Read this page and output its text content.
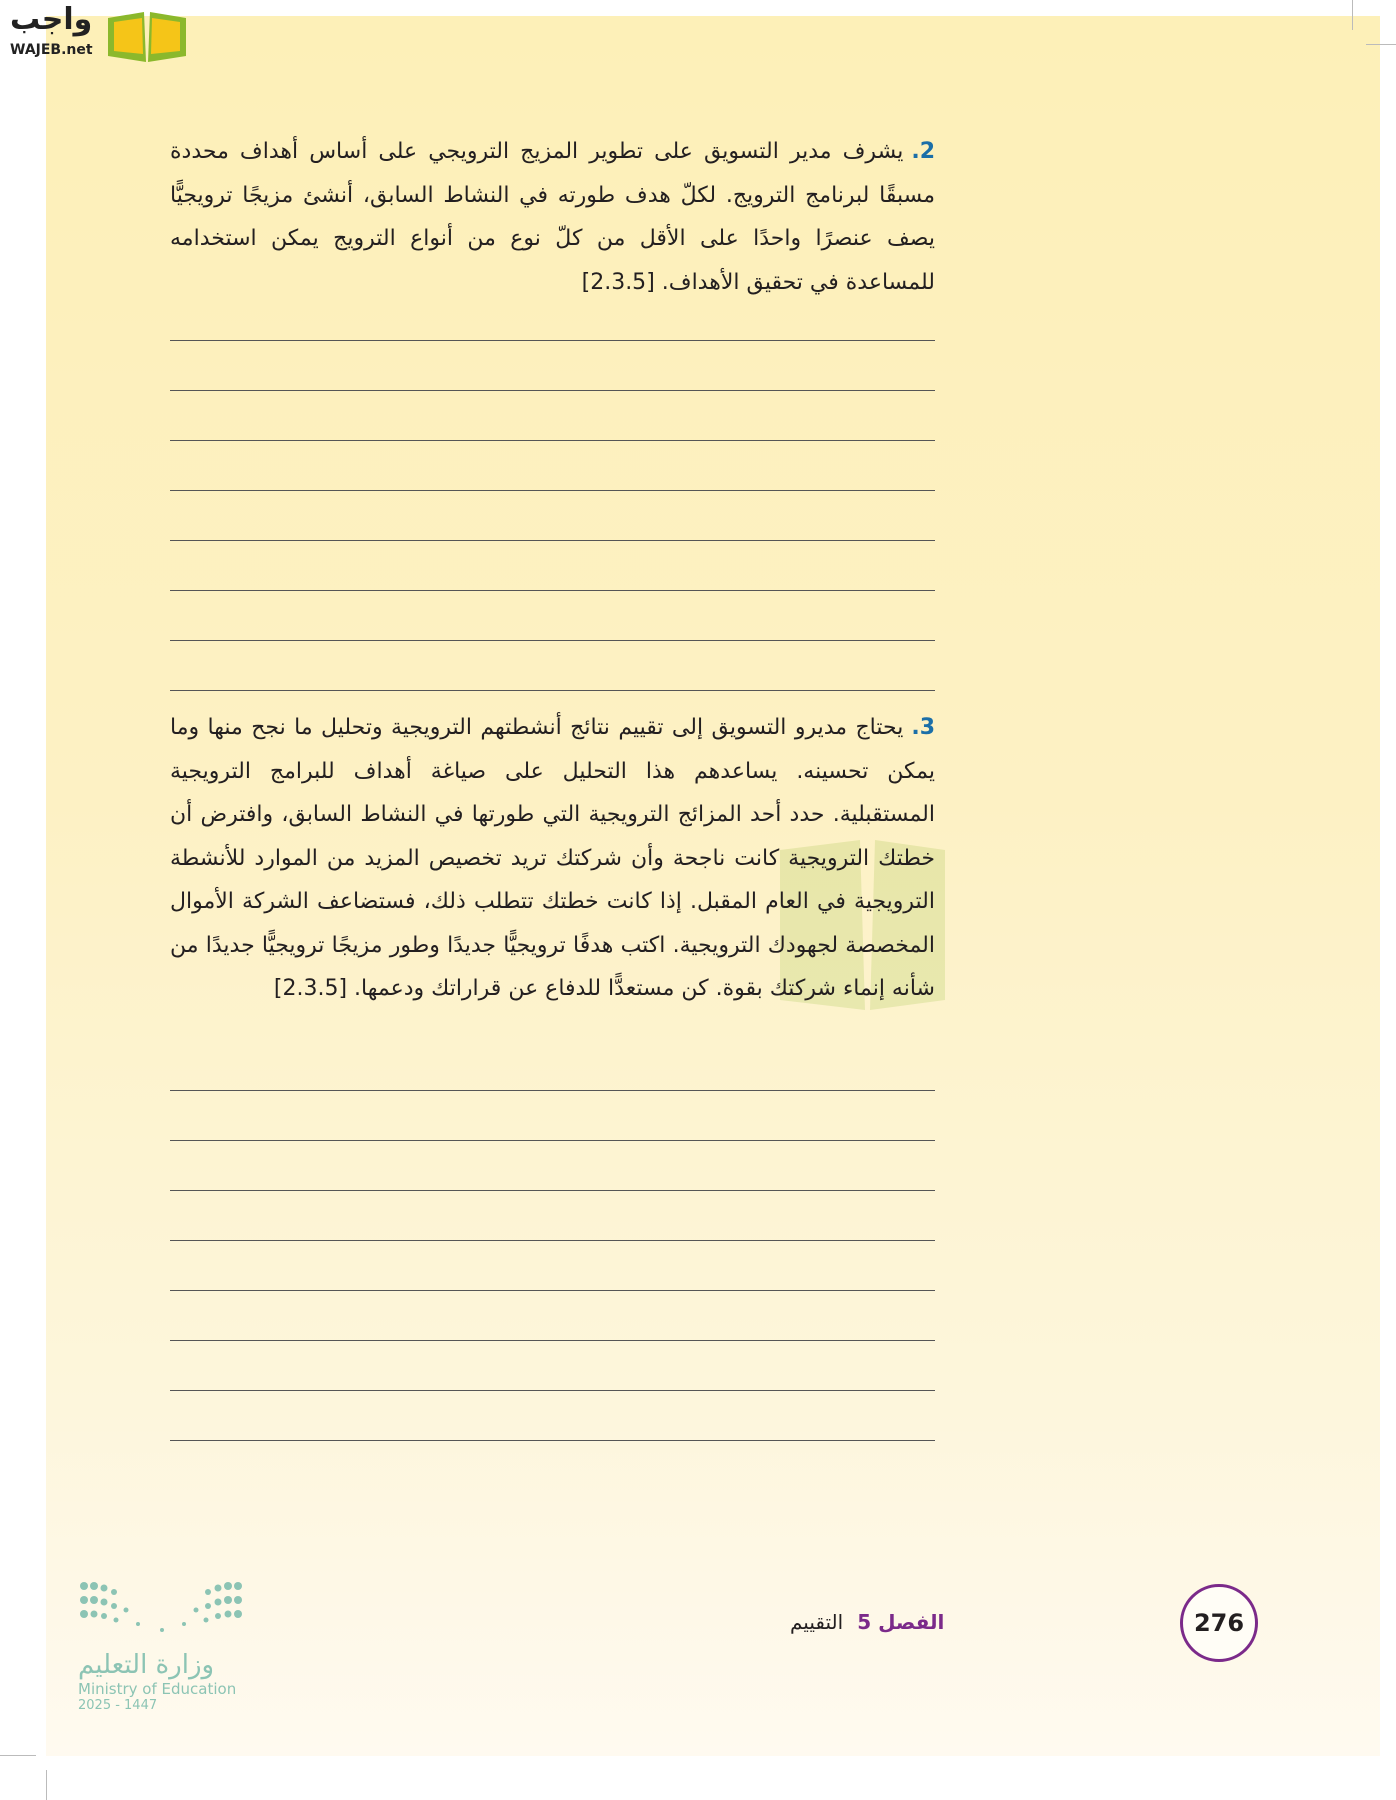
واجب
WAJEB.net
2.يشرف مدير التسويق على تطوير المزيج الترويجي على أساس أهداف محددة مسبقًا لبرنامج الترويج. لكلّ هدف طورته في النشاط السابق، أنشئ مزيجًا ترويجيًّا يصف عنصرًا واحدًا على الأقل من كلّ نوع من أنواع الترويج يمكن استخدامه للمساعدة في تحقيق الأهداف. [2.3.5]
3.يحتاج مديرو التسويق إلى تقييم نتائج أنشطتهم الترويجية وتحليل ما نجح منها وما يمكن تحسينه. يساعدهم هذا التحليل على صياغة أهداف للبرامج الترويجية المستقبلية. حدد أحد المزائج الترويجية التي طورتها في النشاط السابق، وافترض أن خطتك الترويجية كانت ناجحة وأن شركتك تريد تخصيص المزيد من الموارد للأنشطة الترويجية في العام المقبل. إذا كانت خطتك تتطلب ذلك، فستضاعف الشركة الأموال المخصصة لجهودك الترويجية. اكتب هدفًا ترويجيًّا جديدًا وطور مزيجًا ترويجيًّا جديدًا من شأنه إنماء شركتك بقوة. كن مستعدًّا للدفاع عن قراراتك ودعمها. [2.3.5]
الفصل 5التقييم	276
وزارة التعليم
Ministry of Education
2025 - 1447
